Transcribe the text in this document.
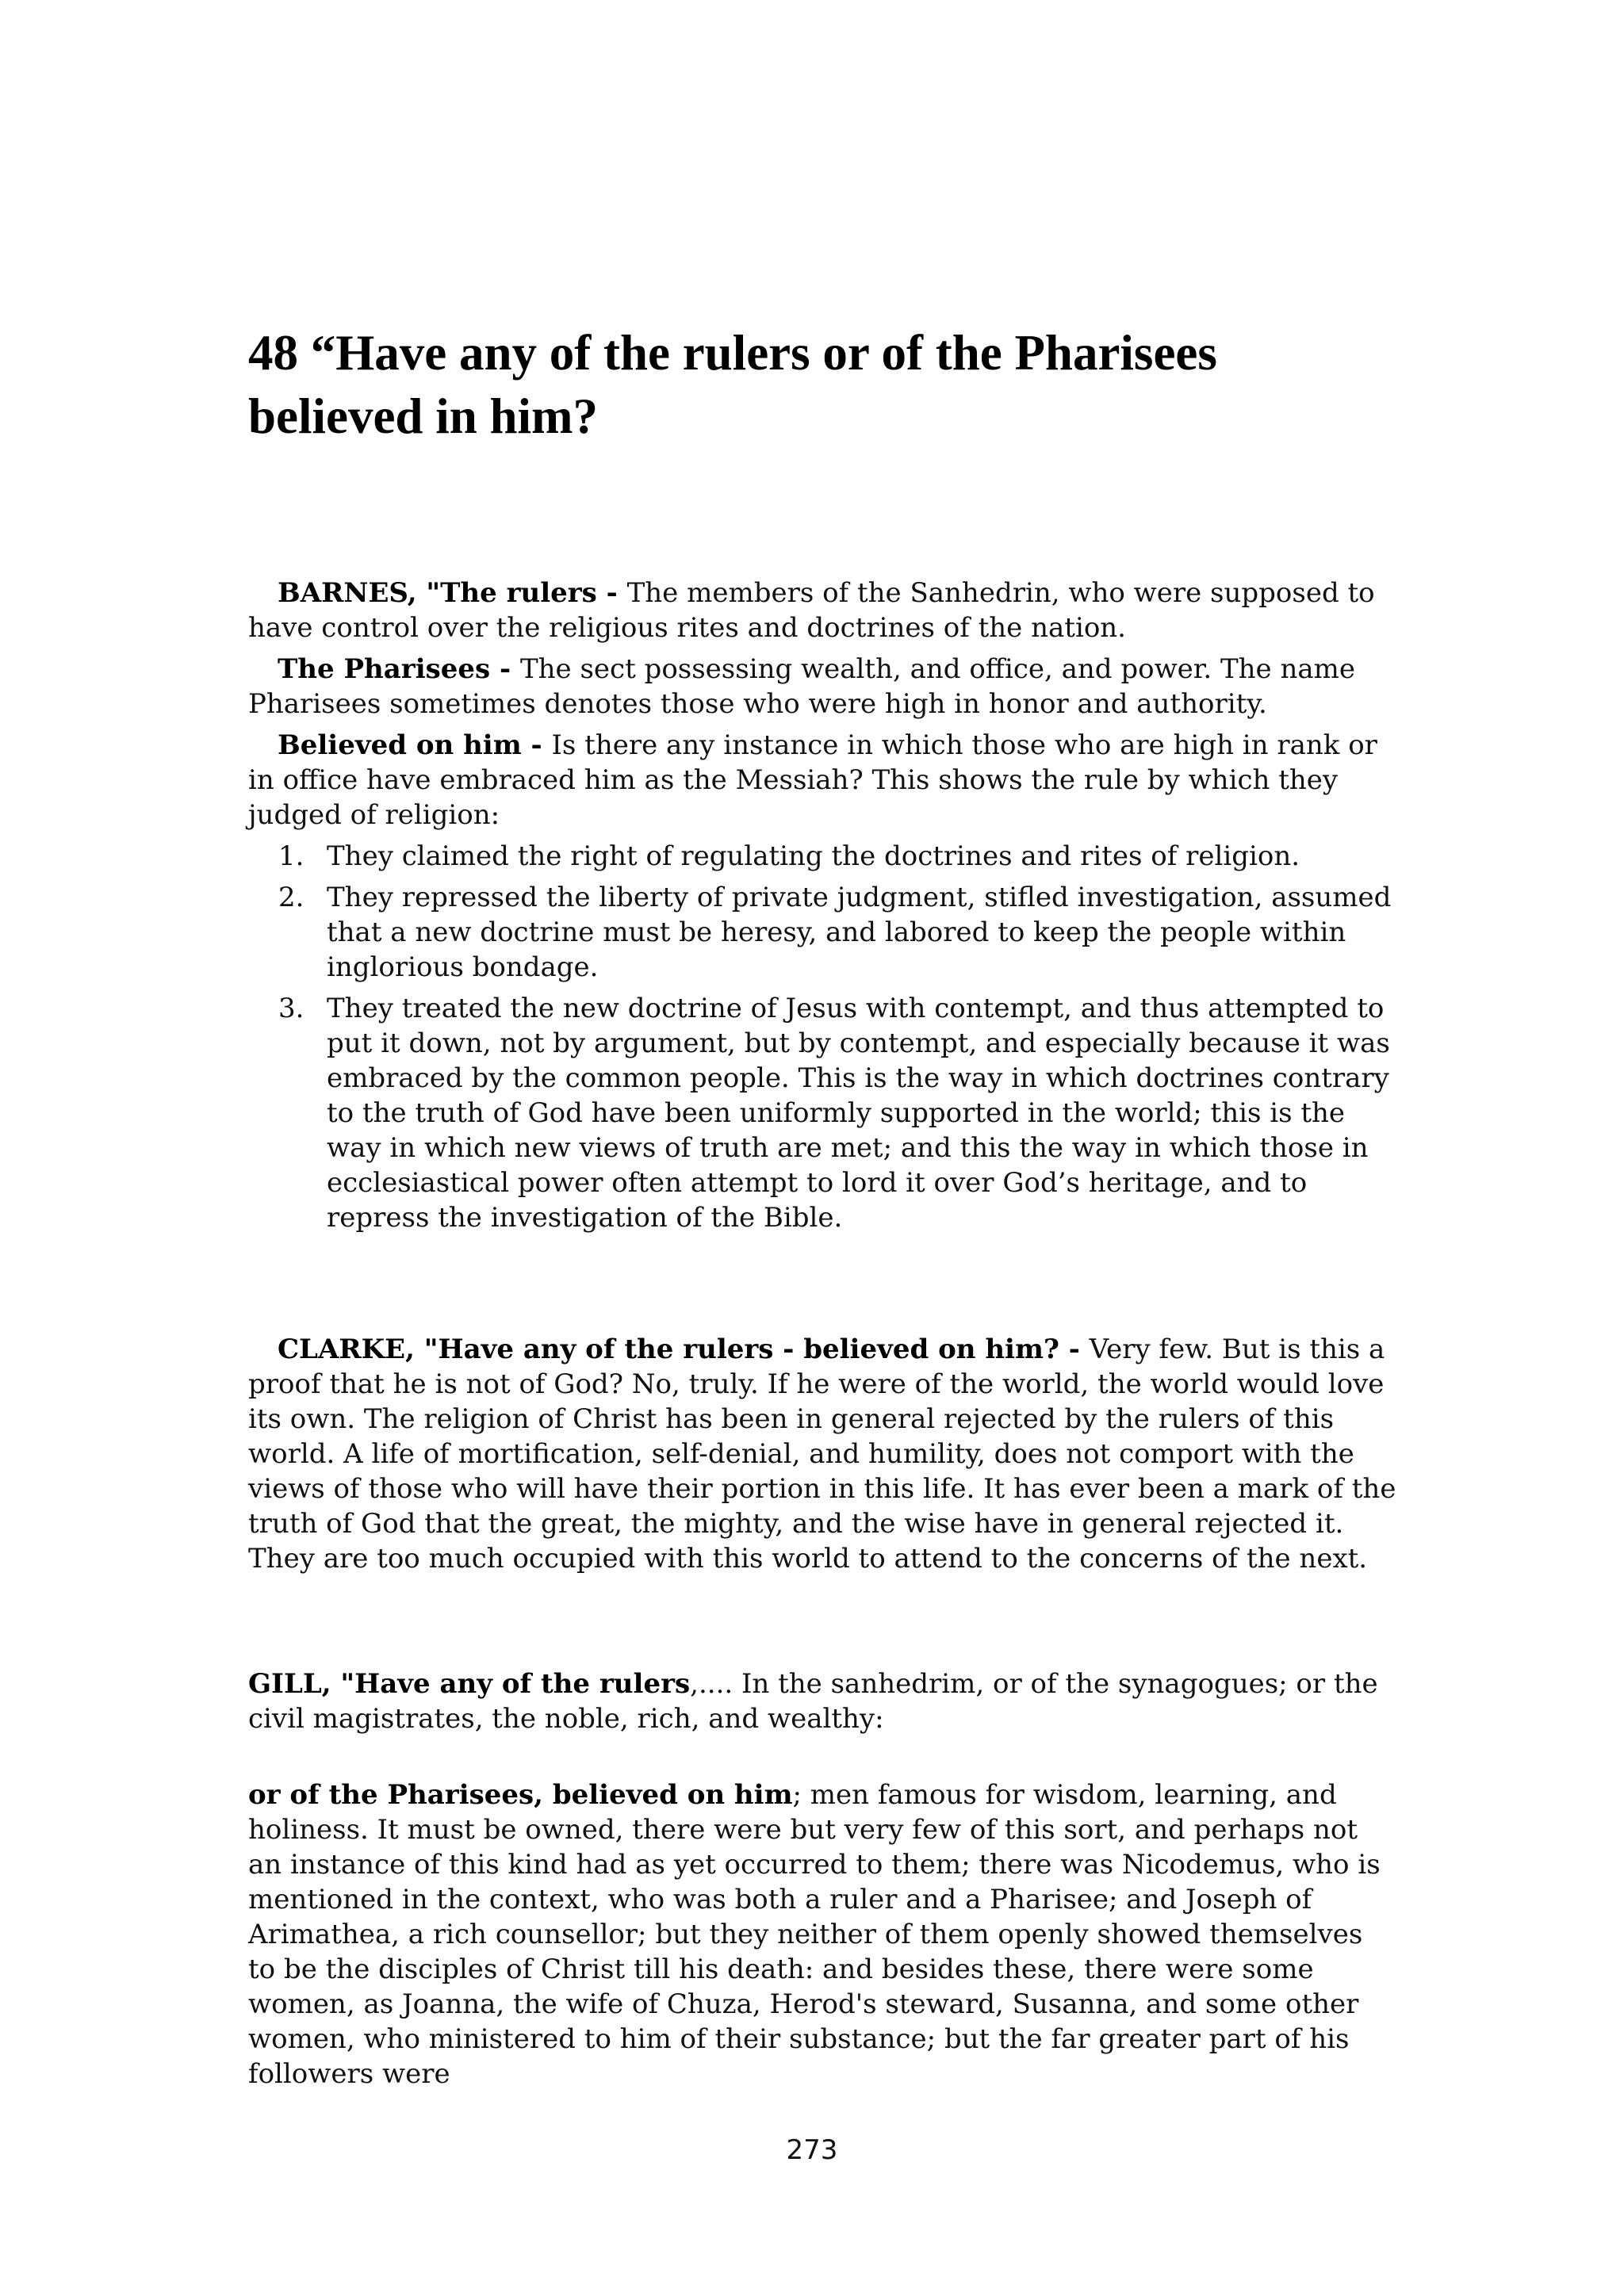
48 “Have any of the rulers or of the Pharisees believed in him?

BARNES, "The rulers - The members of the Sanhedrin, who were supposed to have control over the religious rites and doctrines of the nation.

The Pharisees - The sect possessing wealth, and office, and power. The name Pharisees sometimes denotes those who were high in honor and authority.

Believed on him - Is there any instance in which those who are high in rank or in office have embraced him as the Messiah? This shows the rule by which they judged of religion:

1. They claimed the right of regulating the doctrines and rites of religion.
2. They repressed the liberty of private judgment, stifled investigation, assumed that a new doctrine must be heresy, and labored to keep the people within inglorious bondage.
3. They treated the new doctrine of Jesus with contempt, and thus attempted to put it down, not by argument, but by contempt, and especially because it was embraced by the common people. This is the way in which doctrines contrary to the truth of God have been uniformly supported in the world; this is the way in which new views of truth are met; and this the way in which those in ecclesiastical power often attempt to lord it over God’s heritage, and to repress the investigation of the Bible.

CLARKE, "Have any of the rulers - believed on him? - Very few. But is this a proof that he is not of God? No, truly. If he were of the world, the world would love its own. The religion of Christ has been in general rejected by the rulers of this world. A life of mortification, self-denial, and humility, does not comport with the views of those who will have their portion in this life. It has ever been a mark of the truth of God that the great, the mighty, and the wise have in general rejected it. They are too much occupied with this world to attend to the concerns of the next.

GILL, "Have any of the rulers,.... In the sanhedrim, or of the synagogues; or the civil magistrates, the noble, rich, and wealthy:

or of the Pharisees, believed on him; men famous for wisdom, learning, and holiness. It must be owned, there were but very few of this sort, and perhaps not an instance of this kind had as yet occurred to them; there was Nicodemus, who is mentioned in the context, who was both a ruler and a Pharisee; and Joseph of Arimathea, a rich counsellor; but they neither of them openly showed themselves to be the disciples of Christ till his death: and besides these, there were some women, as Joanna, the wife of Chuza, Herod's steward, Susanna, and some other women, who ministered to him of their substance; but the far greater part of his followers were

273
